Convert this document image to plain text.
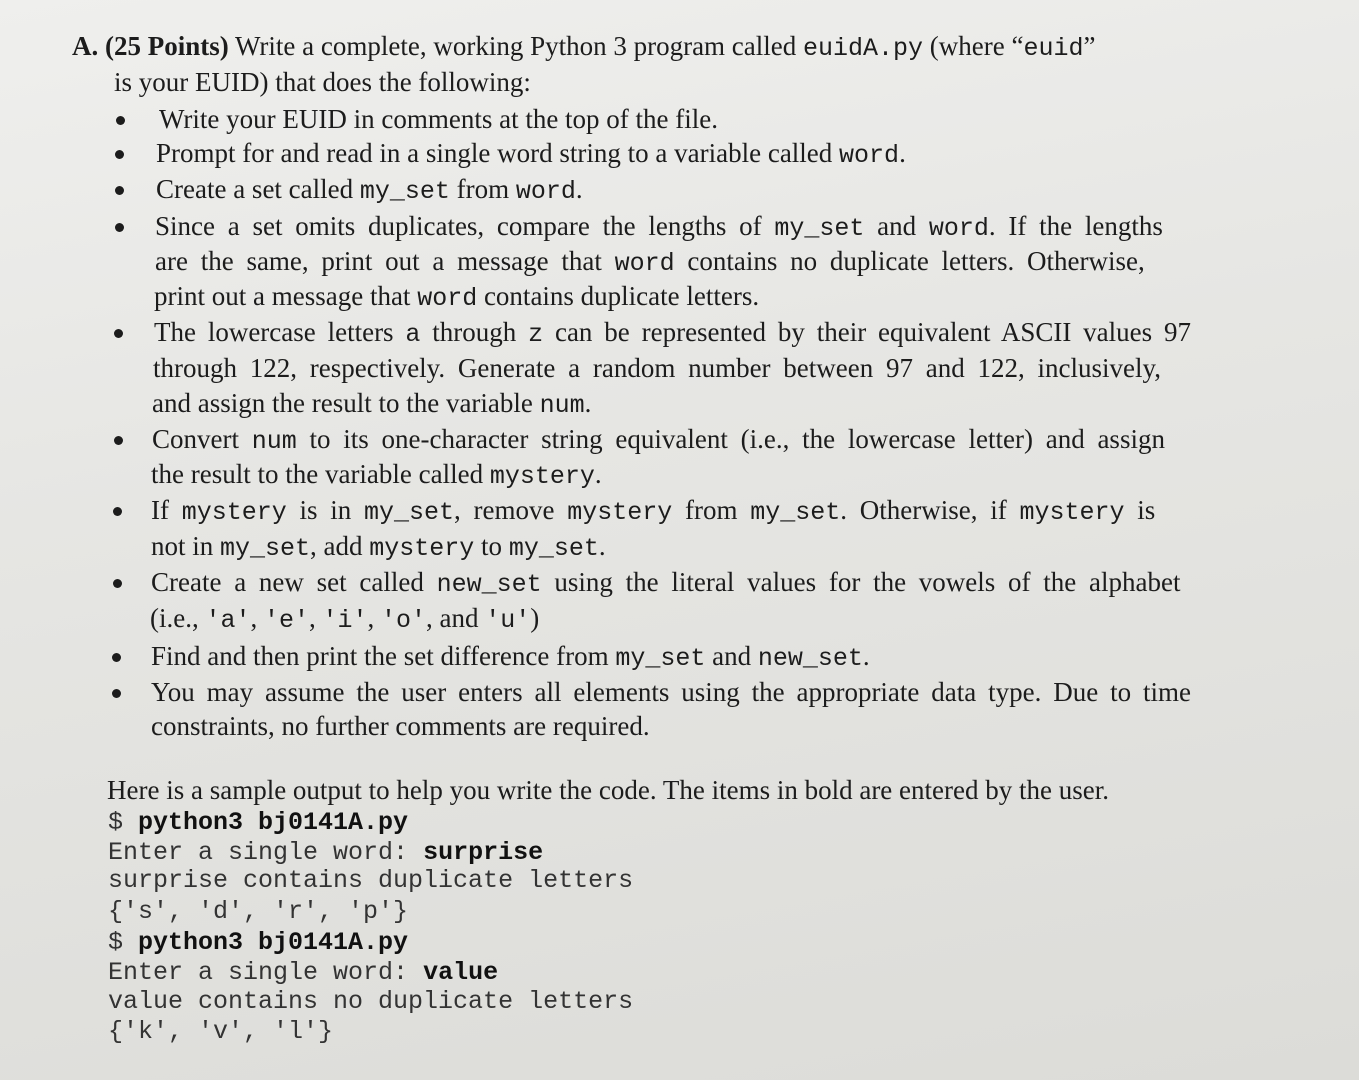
A. (25 Points) Write a complete, working Python 3 program called euidA.py (where “euid”
is your EUID) that does the following:
Write your EUID in comments at the top of the file.
Prompt for and read in a single word string to a variable called word.
Create a set called my_set from word.
Since a set omits duplicates, compare the lengths of my_set and word. If the lengths
are the same, print out a message that word contains no duplicate letters. Otherwise,
print out a message that word contains duplicate letters.
The lowercase letters a through z can be represented by their equivalent ASCII values 97
through 122, respectively. Generate a random number between 97 and 122, inclusively,
and assign the result to the variable num.
Convert num to its one-character string equivalent (i.e., the lowercase letter) and assign
the result to the variable called mystery.
If mystery is in my_set, remove mystery from my_set. Otherwise, if mystery is
not in my_set, add mystery to my_set.
Create a new set called new_set using the literal values for the vowels of the alphabet
(i.e., 'a', 'e', 'i', 'o', and 'u')
Find and then print the set difference from my_set and new_set.
You may assume the user enters all elements using the appropriate data type. Due to time
constraints, no further comments are required.
Here is a sample output to help you write the code. The items in bold are entered by the user.
$ python3 bj0141A.py
Enter a single word: surprise
surprise contains duplicate letters
{'s', 'd', 'r', 'p'}
$ python3 bj0141A.py
Enter a single word: value
value contains no duplicate letters
{'k', 'v', 'l'}
